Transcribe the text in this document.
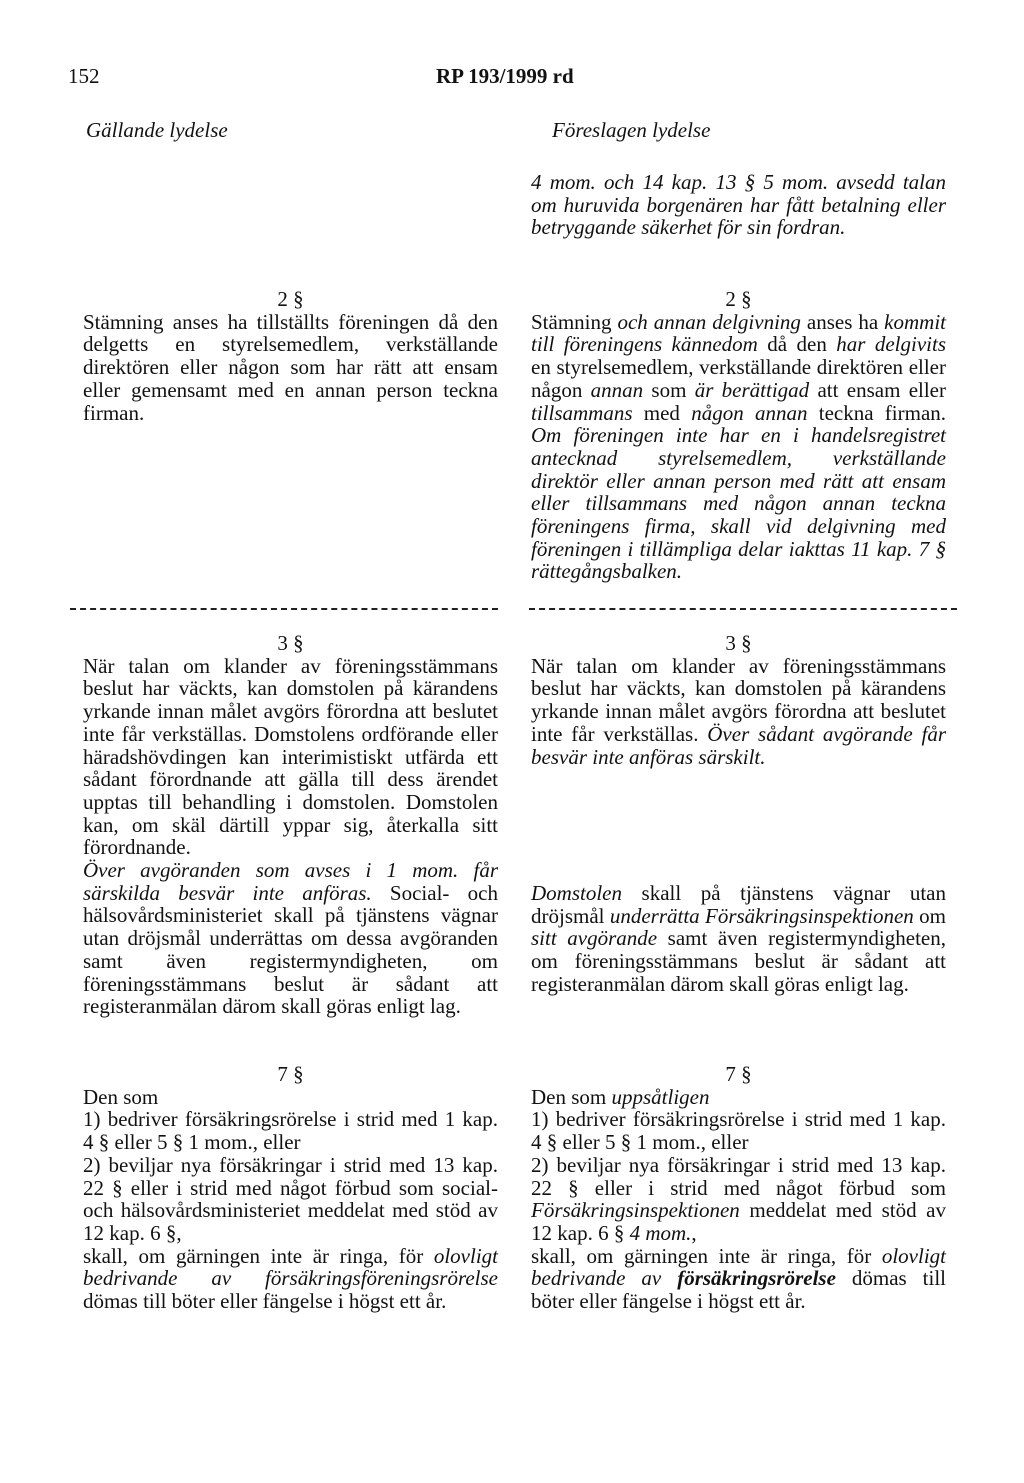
152	RP 193/1999 rd
Gällande lydelse	Föreslagen lydelse

4 mom. och 14 kap. 13 § 5 mom. avsedd talan om huruvida borgenären har fått betalning eller betryggande säkerhet för sin fordran.

2 §

Stämning anses ha tillställts föreningen då den delgetts en styrelsemedlem, verkställande direktören eller någon som har rätt att ensam eller gemensamt med en annan person teckna firman.

2 §

Stämning och annan delgivning anses ha kommit till föreningens kännedom då den har delgivits en styrelsemedlem, verkställande direktören eller någon annan som är berättigad att ensam eller tillsammans med någon annan teckna firman. Om föreningen inte har en i handelsregistret antecknad styrelsemedlem, verkställande direktör eller annan person med rätt att ensam eller tillsammans med någon annan teckna föreningens firma, skall vid delgivning med föreningen i tillämpliga delar iakttas 11 kap. 7 § rättegångsbalken.

3 §

När talan om klander av föreningsstämmans beslut har väckts, kan domstolen på kärandens yrkande innan målet avgörs förordna att beslutet inte får verkställas. Domstolens ordförande eller häradshövdingen kan interimistiskt utfärda ett sådant förordnande att gälla till dess ärendet upptas till behandling i domstolen. Domstolen kan, om skäl därtill yppar sig, återkalla sitt förordnande.

Över avgöranden som avses i 1 mom. får särskilda besvär inte anföras. Social- och hälsovårdsministeriet skall på tjänstens vägnar utan dröjsmål underrättas om dessa avgöranden samt även registermyndigheten, om föreningsstämmans beslut är sådant att registeranmälan därom skall göras enligt lag.

3 §

När talan om klander av föreningsstämmans beslut har väckts, kan domstolen på kärandens yrkande innan målet avgörs förordna att beslutet inte får verkställas. Över sådant avgörande får besvär inte anföras särskilt.

Domstolen skall på tjänstens vägnar utan dröjsmål underrätta Försäkringsinspektionen om sitt avgörande samt även registermyndigheten, om föreningsstämmans beslut är sådant att registeranmälan därom skall göras enligt lag.

7 §

Den som

1) bedriver försäkringsrörelse i strid med 1 kap. 4 § eller 5 § 1 mom., eller

2) beviljar nya försäkringar i strid med 13 kap. 22 § eller i strid med något förbud som social- och hälsovårdsministeriet meddelat med stöd av 12 kap. 6 §,

skall, om gärningen inte är ringa, för olovligt bedrivande av försäkringsföreningsrörelse dömas till böter eller fängelse i högst ett år.

7 §

Den som uppsåtligen

1) bedriver försäkringsrörelse i strid med 1 kap. 4 § eller 5 § 1 mom., eller

2) beviljar nya försäkringar i strid med 13 kap. 22 § eller i strid med något förbud som Försäkringsinspektionen meddelat med stöd av 12 kap. 6 § 4 mom.,

skall, om gärningen inte är ringa, för olovligt bedrivande av försäkringsrörelse dömas till böter eller fängelse i högst ett år.
